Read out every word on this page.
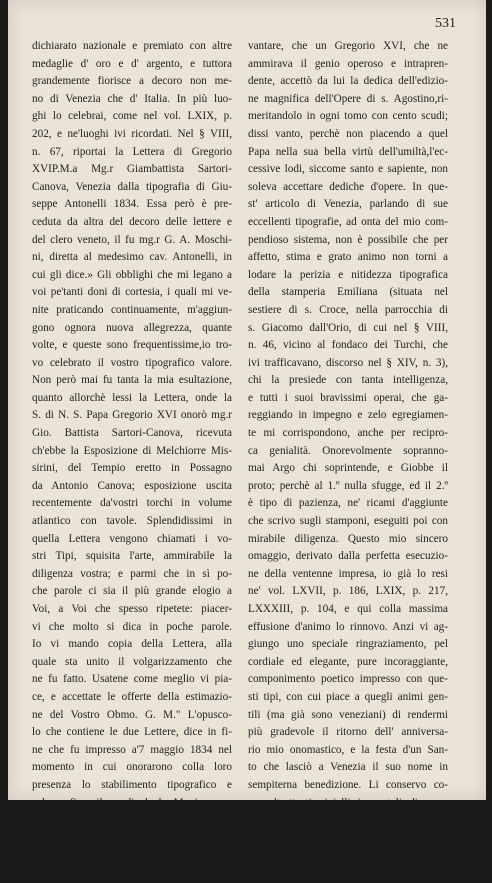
531
dichiarato nazionale e premiato con altre
medaglie d' oro e d' argento, e tuttora
grandemente fiorisce a decoro non me-
no di Venezia che d' Italia. In più luo-
ghi lo celebrai, come nel vol. LXIX, p.
202, e ne'luoghi ivi ricordati. Nel § VIII,
n. 67, riportai la Lettera di Gregorio
XVIP.M.a Mg.r Giambattista Sartori-
Canova, Venezia dalla tipografia di Giu-
seppe Antonelli 1834. Essa però è pre-
ceduta da altra del decoro delle lettere e
del clero veneto, il fu mg.r G. A. Moschi-
ni, diretta al medesimo cav. Antonelli, in
cui gli dice.» Gli obblighi che mi legano a
voi pe'tanti doni di cortesia, i quali mi ve-
nite praticando continuamente, m'aggiun-
gono ognora nuova allegrezza, quante
volte, e queste sono frequentissime,io tro-
vo celebrato il vostro tipografico valore.
Non però mai fu tanta la mia esultazione,
quanto allorchè lessi la Lettera, onde la
S. di N. S. Papa Gregorio XVI onorò mg.r
Gio. Battista Sartori-Canova, ricevuta
ch'ebbe la Esposizione di Melchiorre Mis-
sirini, del Tempio eretto in Possagno
da Antonio Canova; esposizione uscita
recentemente da'vostri torchi in volume
atlantico con tavole. Splendidissimi in
quella Lettera vengono chiamati i vo-
stri Tipi, squisita l'arte, ammirabile la
diligenza vostra; e parmi che in sì po-
che parole ci sia il più grande elogio a
Voi, a Voi che spesso ripetete: piacer-
vi che molto si dica in poche parole.
Io vi mando copia della Lettera, alla
quale sta unito il volgarizzamento che
ne fu fatto. Usatene come meglio vi pia-
ce, e accettate le offerte della estimazio-
ne del Vostro Obmo. G. M." L'opusco-
lo che contiene le due Lettere, dice in fi-
ne che fu impresso a'7 maggio 1834 nel
momento in cui onorarono colla loro
presenza lo stabilimento tipografico e
calcografico il cardinal J. Monico pa-
triarca di Venezia, ed il conte Gio. Bat-
tista di Spaur governatore delle provin-
cie venete, con altri ragguardevoli fun-
zionari e soggetti. Il cav. Antonelli può
vantare, che un Gregorio XVI, che ne
ammirava il genio operoso e intrapren-
dente, accettò da lui la dedica dell'edizio-
ne magnifica dell'Opere di s. Agostino,ri-
meritandolo in ogni tomo con cento scudi;
dissi vanto, perchè non piacendo a quel
Papa nella sua bella virtù dell'umiltà,l'ec-
cessive lodi, siccome santo e sapiente, non
soleva accettare dediche d'opere. In que-
st' articolo di Venezia, parlando di sue
eccellenti tipografie, ad onta del mio com-
pendioso sistema, non è possibile che per
affetto, stima e grato animo non torni a
lodare la perizia e nitidezza tipografica
della stamperia Emiliana (situata nel
sestiere di s. Croce, nella parrocchia di
s. Giacomo dall'Orio, di cui nel § VIII,
n. 46, vicino al fondaco dei Turchi, che
ivi trafficavano, discorso nel § XIV, n. 3),
chi la presiede con tanta intelligenza,
e tutti i suoi bravissimi operai, che ga-
reggiando in impegno e zelo egregiamen-
te mi corrispondono, anche per recipro-
ca genialità. Onorevolmente sopranno-
mai Argo chi soprintende, e Giobbe il
proto; perchè al 1.º nulla sfugge, ed il 2.º
è tipo di pazienza, ne' ricami d'aggiunte
che scrivo sugli stamponi, eseguiti poi con
mirabile diligenza. Questo mio sincero
omaggio, derivato dalla perfetta esecuzio-
ne della ventenne impresa, io già lo resi
ne' vol. LXVII, p. 186, LXIX, p. 217,
LXXXIII, p. 104, e qui colla massima
effusione d'animo lo rinnovo. Anzi vi ag-
giungo uno speciale ringraziamento, pel
cordiale ed elegante, pure incoraggiante,
componimento poetico impresso con que-
sti tipi, con cui piace a quegli animi gen-
tili (ma già sono veneziani) di rendermi
più gradevole il ritorno dell' anniversa-
rio mio onomastico, e la festa d'un San-
to che lasciò a Venezia il suo nome in
sempiterna benedizione. Li conservo co-
me altrettanti gioielli immortali di vera-
ce soddisfazione. Essi tutti s'abbiano que-
sto ulteriore e solenne imperituro atte-
stato di giustizia e d' amore. Parlando
poi della tipografia Emiliana, non posso
